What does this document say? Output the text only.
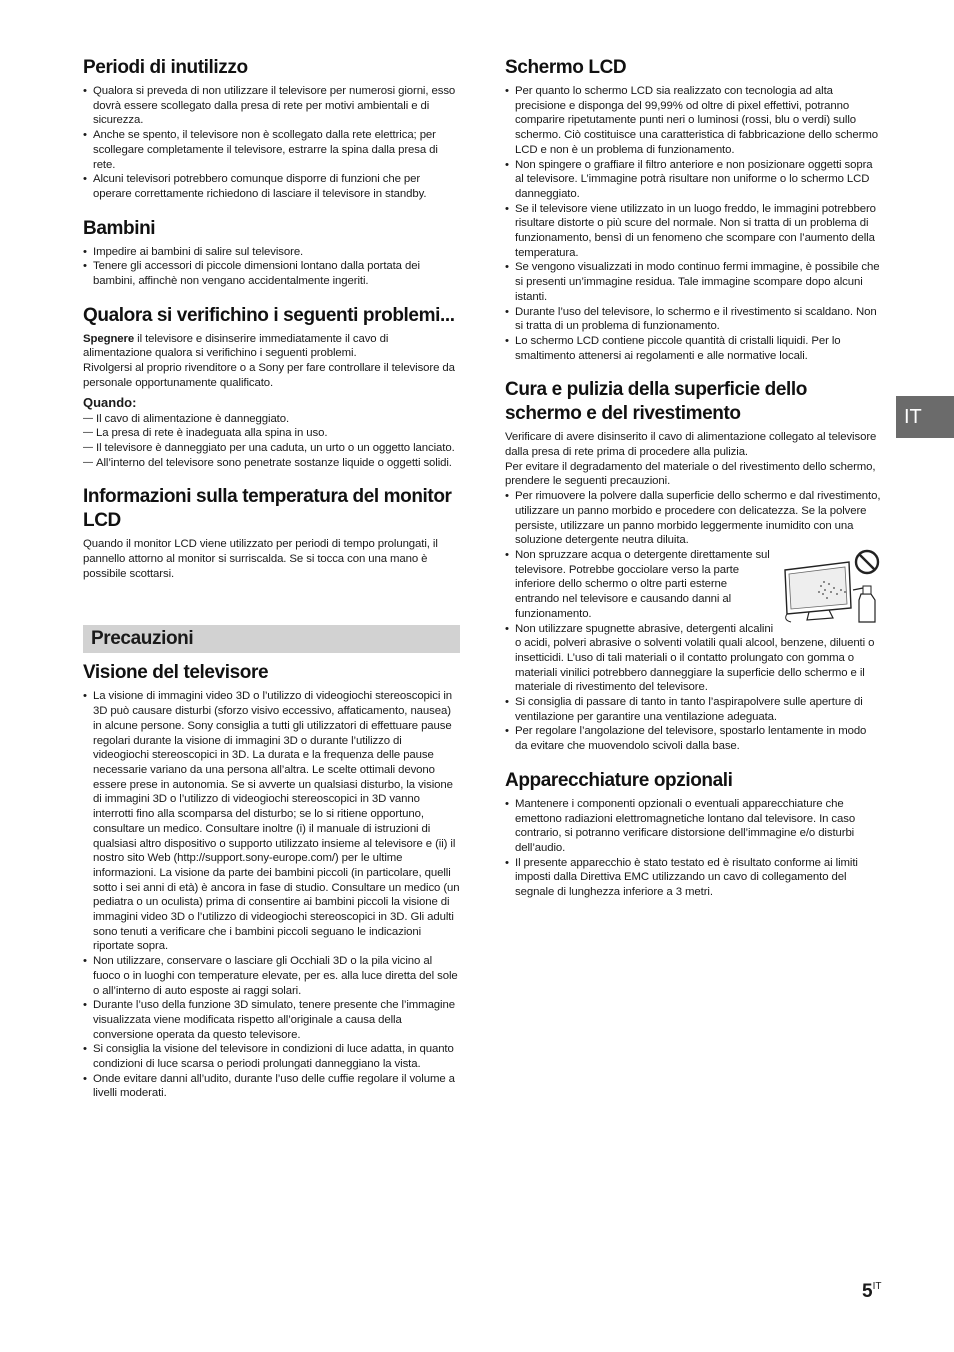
Periodi di inutilizzo
• Qualora si preveda di non utilizzare il televisore per numerosi giorni, esso dovrà essere scollegato dalla presa di rete per motivi ambientali e di sicurezza.
• Anche se spento, il televisore non è scollegato dalla rete elettrica; per scollegare completamente il televisore, estrarre la spina dalla presa di rete.
• Alcuni televisori potrebbero comunque disporre di funzioni che per operare correttamente richiedono di lasciare il televisore in standby.
Bambini
• Impedire ai bambini di salire sul televisore.
• Tenere gli accessori di piccole dimensioni lontano dalla portata dei bambini, affinchè non vengano accidentalmente ingeriti.
Qualora si verifichino i seguenti problemi...

Spegnere il televisore e disinserire immediatamente il cavo di alimentazione qualora si verifichino i seguenti problemi.

Rivolgersi al proprio rivenditore o a Sony per fare controllare il televisore da personale opportunamente qualificato.

Quando:
— Il cavo di alimentazione è danneggiato.
— La presa di rete è inadeguata alla spina in uso.
— Il televisore è danneggiato per una caduta, un urto o un oggetto lanciato.
— All’interno del televisore sono penetrate sostanze liquide o oggetti solidi.
Informazioni sulla temperatura del monitor LCD

Quando il monitor LCD viene utilizzato per periodi di tempo prolungati, il pannello attorno al monitor si surriscalda. Se si tocca con una mano è possibile scottarsi.

Precauzioni
Visione del televisore
• La visione di immagini video 3D o l’utilizzo di videogiochi stereoscopici in 3D può causare disturbi (sforzo visivo eccessivo, affaticamento, nausea) in alcune persone. Sony consiglia a tutti gli utilizzatori di effettuare pause regolari durante la visione di immagini 3D o durante l’utilizzo di videogiochi stereoscopici in 3D. La durata e la frequenza delle pause necessarie variano da una persona all’altra. Le scelte ottimali devono essere prese in autonomia. Se si avverte un qualsiasi disturbo, la visione di immagini 3D o l’utilizzo di videogiochi stereoscopici in 3D vanno interrotti fino alla scomparsa del disturbo; se lo si ritiene opportuno, consultare un medico. Consultare inoltre (i) il manuale di istruzioni di qualsiasi altro dispositivo o supporto utilizzato insieme al televisore e (ii) il nostro sito Web (http://support.sony-europe.com/) per le ultime informazioni. La visione da parte dei bambini piccoli (in particolare, quelli sotto i sei anni di età) è ancora in fase di studio. Consultare un medico (un pediatra o un oculista) prima di consentire ai bambini piccoli la visione di immagini video 3D o l’utilizzo di videogiochi stereoscopici in 3D. Gli adulti sono tenuti a verificare che i bambini piccoli seguano le indicazioni riportate sopra.
• Non utilizzare, conservare o lasciare gli Occhiali 3D o la pila vicino al fuoco o in luoghi con temperature elevate, per es. alla luce diretta del sole o all’interno di auto esposte ai raggi solari.
• Durante l’uso della funzione 3D simulato, tenere presente che l’immagine visualizzata viene modificata rispetto all’originale a causa della conversione operata da questo televisore.
• Si consiglia la visione del televisore in condizioni di luce adatta, in quanto condizioni di luce scarsa o periodi prolungati danneggiano la vista.
• Onde evitare danni all’udito, durante l’uso delle cuffie regolare il volume a livelli moderati.
Schermo LCD
• Per quanto lo schermo LCD sia realizzato con tecnologia ad alta precisione e disponga del 99,99% od oltre di pixel effettivi, potranno comparire ripetutamente punti neri o luminosi (rossi, blu o verdi) sullo schermo. Ciò costituisce una caratteristica di fabbricazione dello schermo LCD e non è un problema di funzionamento.
• Non spingere o graffiare il filtro anteriore e non posizionare oggetti sopra al televisore. L’immagine potrà risultare non uniforme o lo schermo LCD danneggiato.
• Se il televisore viene utilizzato in un luogo freddo, le immagini potrebbero risultare distorte o più scure del normale. Non si tratta di un problema di funzionamento, bensì di un fenomeno che scompare con l’aumento della temperatura.
• Se vengono visualizzati in modo continuo fermi immagine, è possibile che si presenti un’immagine residua. Tale immagine scompare dopo alcuni istanti.
• Durante l’uso del televisore, lo schermo e il rivestimento si scaldano. Non si tratta di un problema di funzionamento.
• Lo schermo LCD contiene piccole quantità di cristalli liquidi. Per lo smaltimento attenersi ai regolamenti e alle normative locali.
Cura e pulizia della superficie dello schermo e del rivestimento

Verificare di avere disinserito il cavo di alimentazione collegato al televisore dalla presa di rete prima di procedere alla pulizia.

Per evitare il degradamento del materiale o del rivestimento dello schermo, prendere le seguenti precauzioni.

• Per rimuovere la polvere dalla superficie dello schermo e dal rivestimento, utilizzare un panno morbido e procedere con delicatezza. Se la polvere persiste, utilizzare un panno morbido leggermente inumidito con una soluzione detergente neutra diluita.
• Non spruzzare acqua o detergente direttamente sul televisore. Potrebbe gocciolare verso la parte inferiore dello schermo o oltre parti esterne entrando nel televisore e causando danni al funzionamento.
• Non utilizzare spugnette abrasive, detergenti alcalini o acidi, polveri abrasive o solventi volatili quali alcool, benzene, diluenti o insetticidi. L’uso di tali materiali o il contatto prolungato con gomma o materiali vinilici potrebbero danneggiare la superficie dello schermo e il materiale di rivestimento del televisore.
• Si consiglia di passare di tanto in tanto l’aspirapolvere sulle aperture di ventilazione per garantire una ventilazione adeguata.
• Per regolare l’angolazione del televisore, spostarlo lentamente in modo da evitare che muovendolo scivoli dalla base.
Apparecchiature opzionali
• Mantenere i componenti opzionali o eventuali apparecchiature che emettono radiazioni elettromagnetiche lontano dal televisore. In caso contrario, si potranno verificare distorsione dell’immagine e/o disturbi dell’audio.
• Il presente apparecchio è stato testato ed è risultato conforme ai limiti imposti dalla Direttiva EMC utilizzando un cavo di collegamento del segnale di lunghezza inferiore a 3 metri.
IT
$5^{IT}$
